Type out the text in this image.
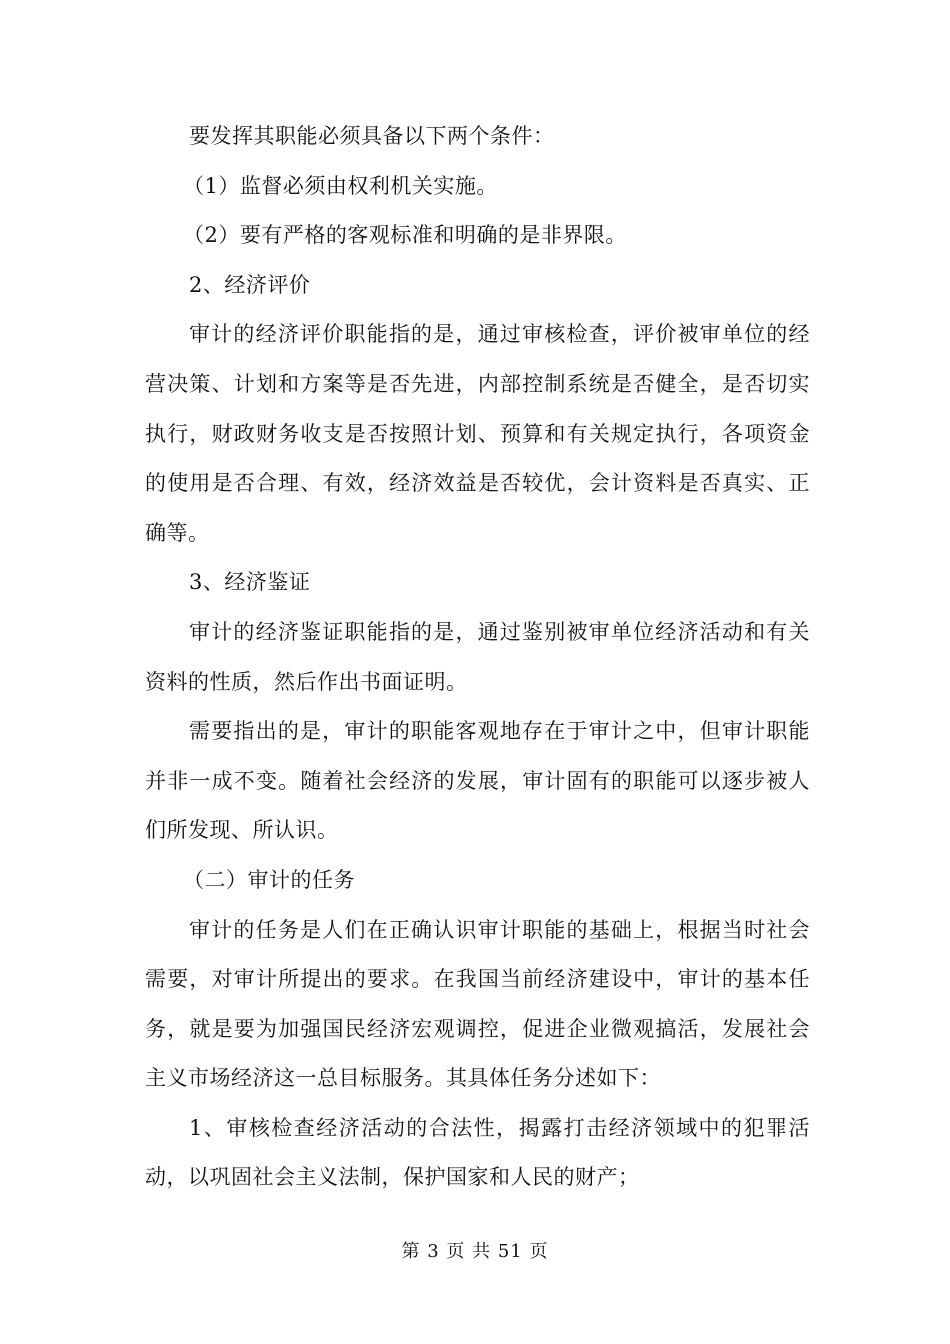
要发挥其职能必须具备以下两个条件：

（1）监督必须由权利机关实施。

（2）要有严格的客观标准和明确的是非界限。

2、经济评价

审计的经济评价职能指的是，通过审核检查，评价被审单位的经营决策、计划和方案等是否先进，内部控制系统是否健全，是否切实执行，财政财务收支是否按照计划、预算和有关规定执行，各项资金的使用是否合理、有效，经济效益是否较优，会计资料是否真实、正确等。

3、经济鉴证

审计的经济鉴证职能指的是，通过鉴别被审单位经济活动和有关资料的性质，然后作出书面证明。

需要指出的是，审计的职能客观地存在于审计之中，但审计职能并非一成不变。随着社会经济的发展，审计固有的职能可以逐步被人们所发现、所认识。

（二）审计的任务

审计的任务是人们在正确认识审计职能的基础上，根据当时社会需要，对审计所提出的要求。在我国当前经济建设中，审计的基本任务，就是要为加强国民经济宏观调控，促进企业微观搞活，发展社会主义市场经济这一总目标服务。其具体任务分述如下：

1、审核检查经济活动的合法性，揭露打击经济领域中的犯罪活动，以巩固社会主义法制，保护国家和人民的财产；

第 3 页 共 51 页
